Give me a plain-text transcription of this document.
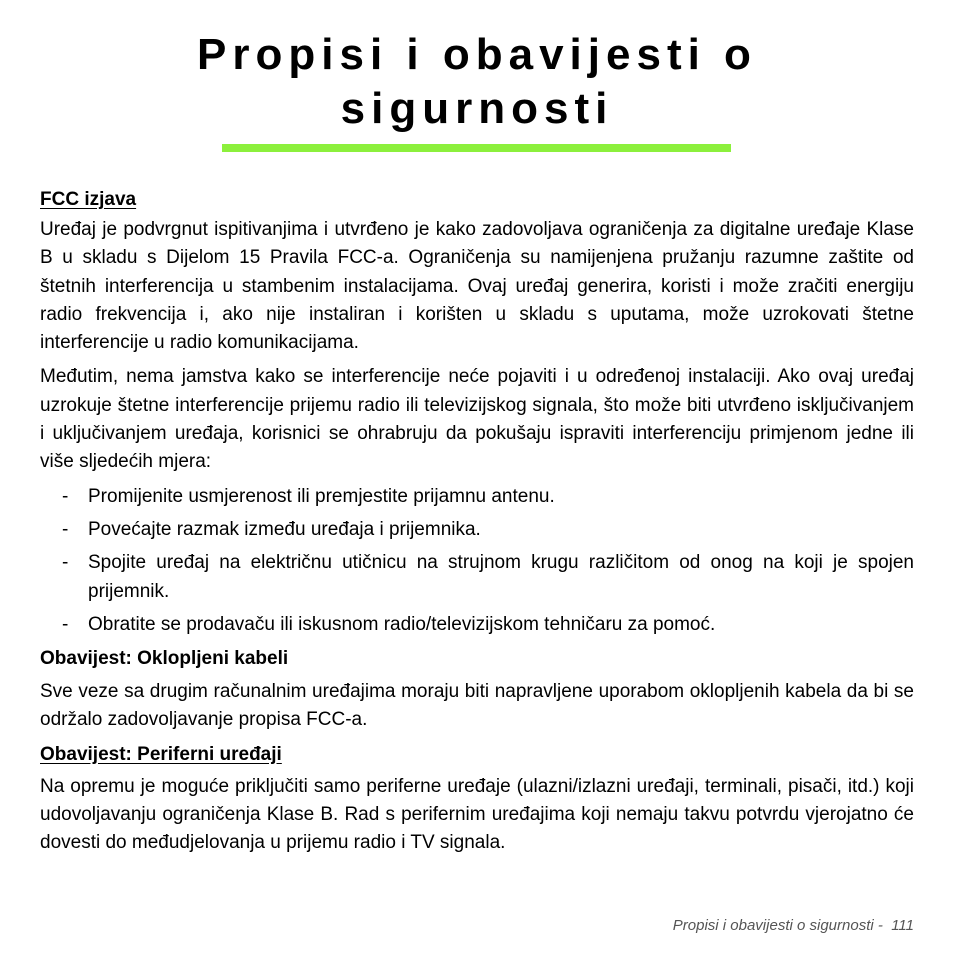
Propisi i obavijesti o
sigurnosti
FCC izjava

Uređaj je podvrgnut ispitivanjima i utvrđeno je kako zadovoljava ograničenja za digitalne uređaje Klase B u skladu s Dijelom 15 Pravila FCC-a. Ograničenja su namijenjena pružanju razumne zaštite od štetnih interferencija u stambenim instalacijama. Ovaj uređaj generira, koristi i može zračiti energiju radio frekvencija i, ako nije instaliran i korišten u skladu s uputama, može uzrokovati štetne interferencije u radio komunikacijama.

Međutim, nema jamstva kako se interferencije neće pojaviti i u određenoj instalaciji. Ako ovaj uređaj uzrokuje štetne interferencije prijemu radio ili televizijskog signala, što može biti utvrđeno isključivanjem i uključivanjem uređaja, korisnici se ohrabruju da pokušaju ispraviti interferenciju primjenom jedne ili više sljedećih mjera:

- Promijenite usmjerenost ili premjestite prijamnu antenu.
- Povećajte razmak između uređaja i prijemnika.
- Spojite uređaj na električnu utičnicu na strujnom krugu različitom od onog na koji je spojen prijemnik.
- Obratite se prodavaču ili iskusnom radio/televizijskom tehničaru za pomoć.
Obavijest: Oklopljeni kabeli

Sve veze sa drugim računalnim uređajima moraju biti napravljene uporabom oklopljenih kabela da bi se održalo zadovoljavanje propisa FCC-a.

Obavijest: Periferni uređaji

Na opremu je moguće priključiti samo periferne uređaje (ulazni/izlazni uređaji, terminali, pisači, itd.) koji udovoljavanju ograničenja Klase B. Rad s perifernim uređajima koji nemaju takvu potvrdu vjerojatno će dovesti do međudjelovanja u prijemu radio i TV signala.

Propisi i obavijesti o sigurnosti -  111
